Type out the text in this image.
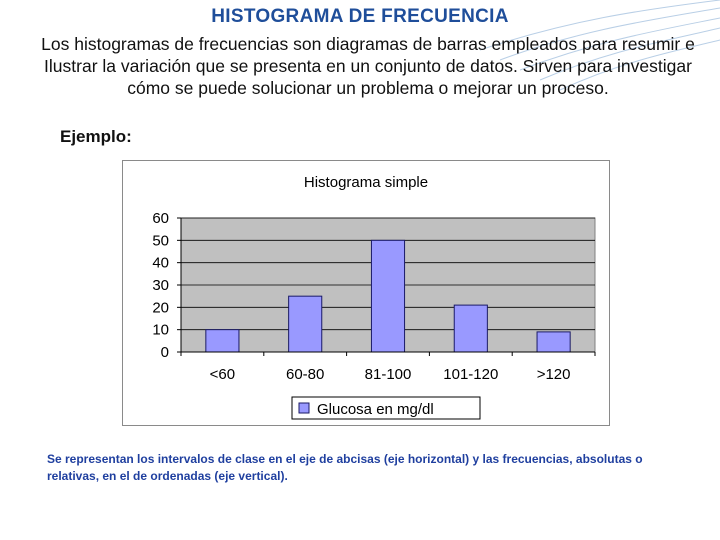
HISTOGRAMA DE FRECUENCIA
Los histogramas de frecuencias son diagramas de barras empleados para resumir e Ilustrar la variación que se presenta en un conjunto de datos. Sirven para investigar cómo se puede solucionar un problema o mejorar un proceso.
Ejemplo:
Histograma simple
0
10
20
30
40
50
60
<60	60-80	81-100 101-120	>120
Glucosa en mg/dl
Se representan los intervalos de clase en el eje de abcisas (eje horizontal) y las frecuencias, absolutas o relativas, en el de ordenadas (eje vertical).
